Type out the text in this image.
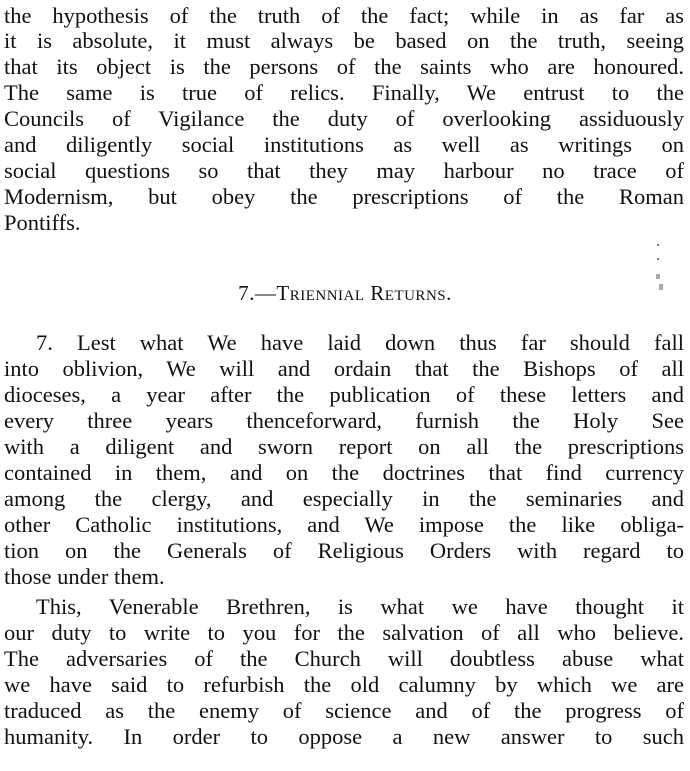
the hypothesis of the truth of the fact; while in as far as
it is absolute, it must always be based on the truth, seeing
that its object is the persons of the saints who are honoured.
The same is true of relics. Finally, We entrust to the
Councils of Vigilance the duty of overlooking assiduously
and diligently social institutions as well as writings on
social questions so that they may harbour no trace of
Modernism, but obey the prescriptions of the Roman
Pontiffs.
7.—Triennial Returns.
7. Lest what We have laid down thus far should fall
into oblivion, We will and ordain that the Bishops of all
dioceses, a year after the publication of these letters and
every three years thenceforward, furnish the Holy See
with a diligent and sworn report on all the prescriptions
contained in them, and on the doctrines that find currency
among the clergy, and especially in the seminaries and
other Catholic institutions, and We impose the like obliga-
tion on the Generals of Religious Orders with regard to
those under them.
This, Venerable Brethren, is what we have thought it
our duty to write to you for the salvation of all who believe.
The adversaries of the Church will doubtless abuse what
we have said to refurbish the old calumny by which we are
traduced as the enemy of science and of the progress of
humanity. In order to oppose a new answer to such
